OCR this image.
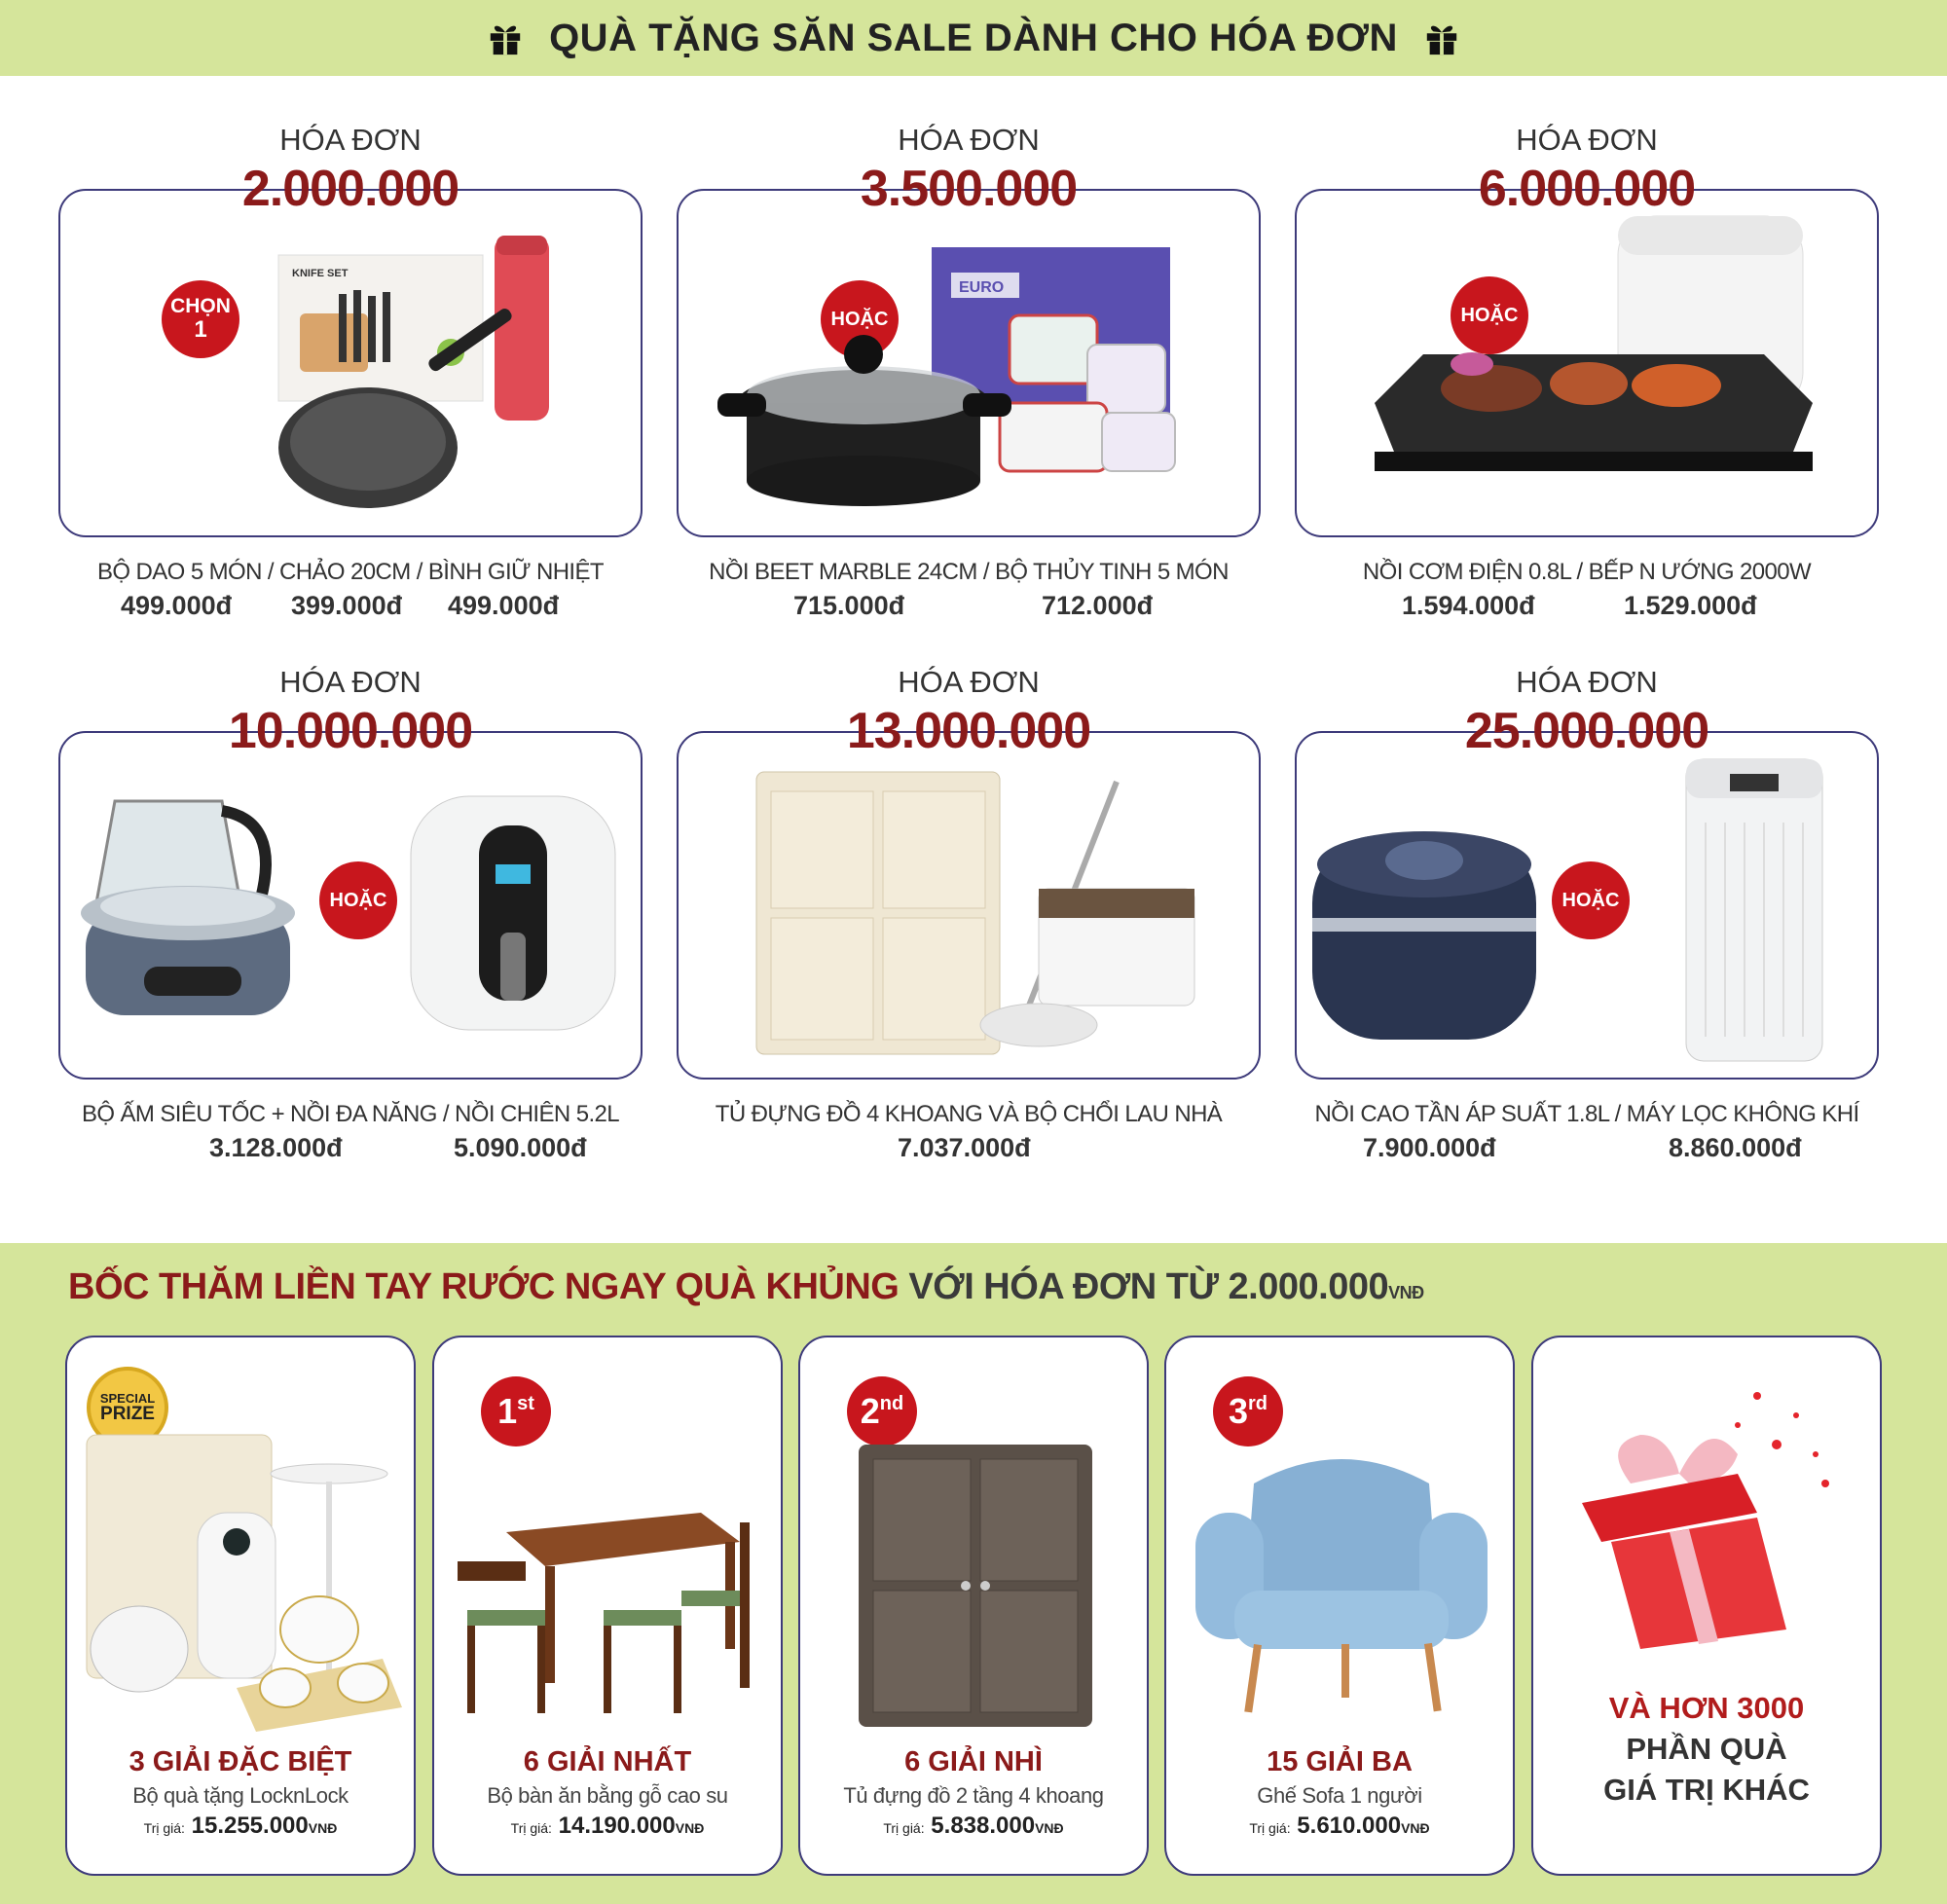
QUÀ TẶNG SĂN SALE DÀNH CHO HÓA ĐƠN
CHỌN
1
KNIFE SET
HÓA ĐƠN
2.000.000
BỘ DAO 5 MÓN / CHẢO 20CM / BÌNH GIỮ NHIỆT
499.000đ 399.000đ 499.000đ
HOẶC
EURO
HÓA ĐƠN
3.500.000
NỒI BEET MARBLE 24CM / BỘ THỦY TINH 5 MÓN
715.000đ	712.000đ
HOẶC
HÓA ĐƠN
6.000.000
NỒI CƠM ĐIỆN 0.8L / BẾP N ƯỚNG 2000W
1.594.000đ	1.529.000đ
HOẶC
HÓA ĐƠN
10.000.000
BỘ ẤM SIÊU TỐC + NỒI ĐA NĂNG / NỒI CHIÊN 5.2L
3.128.000đ	5.090.000đ
HÓA ĐƠN
13.000.000
TỦ ĐỰNG ĐỒ 4 KHOANG VÀ BỘ CHỔI LAU NHÀ
7.037.000đ
HOẶC
HÓA ĐƠN
25.000.000
NỒI CAO TẦN ÁP SUẤT 1.8L / MÁY LỌC KHÔNG KHÍ
7.900.000đ	8.860.000đ
BỐC THĂM LIỀN TAY RƯỚC NGAY QUÀ KHỦNG VỚI HÓA ĐƠN TỪ 2.000.000VNĐ
SPECIAL
PRIZE
3 GIẢI ĐẶC BIỆT
Bộ quà tặng LocknLock
Trị giá: 15.255.000VNĐ
1st
6 GIẢI NHẤT
Bộ bàn ăn bằng gỗ cao su
Trị giá: 14.190.000VNĐ
2nd
6 GIẢI NHÌ
Tủ đựng đồ 2 tầng 4 khoang
Trị giá: 5.838.000VNĐ
3rd
15 GIẢI BA
Ghế Sofa 1 người
Trị giá: 5.610.000VNĐ
VÀ HƠN 3000
PHẦN QUÀ
GIÁ TRỊ KHÁC
